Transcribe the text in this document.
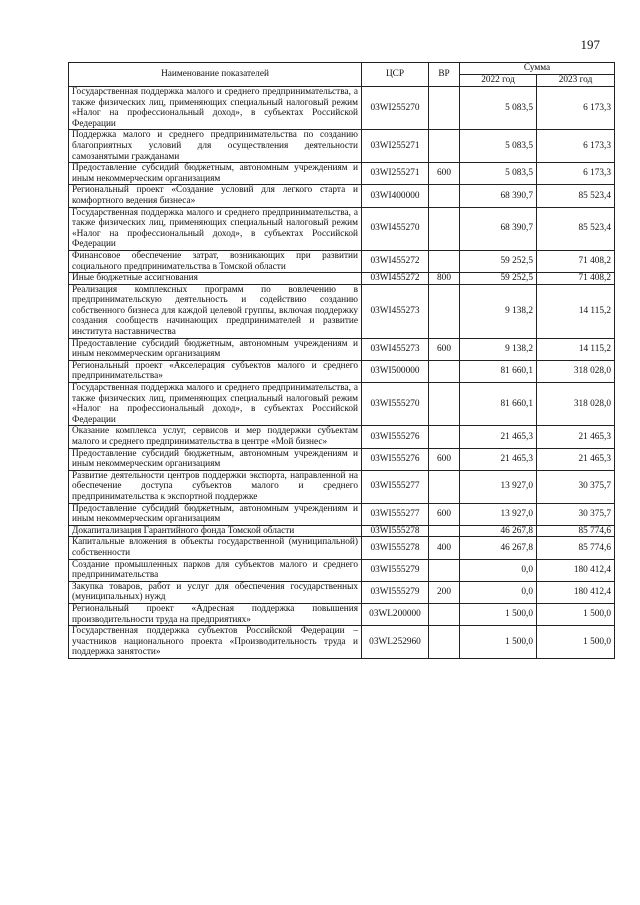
197
Наименование показателей	ЦСР	ВР	Сумма	
			2022 год	2023 год
Государственная поддержка малого и среднего предпринимательства, а также физических лиц, применяющих специальный налоговый режим «Налог на профессиональный доход», в субъектах Российской Федерации	03WI255270		5 083,5	6 173,3
Поддержка малого и среднего предпринимательства по созданию благоприятных условий для осуществления деятельности самозанятыми гражданами	03WI255271		5 083,5	6 173,3
Предоставление субсидий бюджетным, автономным учреждениям и иным некоммерческим организациям	03WI255271	600	5 083,5	6 173,3
Региональный проект «Создание условий для легкого старта и комфортного ведения бизнеса»	03WI400000		68 390,7	85 523,4
Государственная поддержка малого и среднего предпринимательства, а также физических лиц, применяющих специальный налоговый режим «Налог на профессиональный доход», в субъектах Российской Федерации	03WI455270		68 390,7	85 523,4
Финансовое обеспечение затрат, возникающих при развитии социального предпринимательства в Томской области	03WI455272		59 252,5	71 408,2
Иные бюджетные ассигнования	03WI455272	800	59 252,5	71 408,2
Реализация комплексных программ по вовлечению в предпринимательскую деятельность и содействию созданию собственного бизнеса для каждой целевой группы, включая поддержку создания сообществ начинающих предпринимателей и развитие института наставничества	03WI455273		9 138,2	14 115,2
Предоставление субсидий бюджетным, автономным учреждениям и иным некоммерческим организациям	03WI455273	600	9 138,2	14 115,2
Региональный проект «Акселерация субъектов малого и среднего предпринимательства»	03WI500000		81 660,1	318 028,0
Государственная поддержка малого и среднего предпринимательства, а также физических лиц, применяющих специальный налоговый режим «Налог на профессиональный доход», в субъектах Российской Федерации	03WI555270		81 660,1	318 028,0
Оказание комплекса услуг, сервисов и мер поддержки субъектам малого и среднего предпринимательства в центре «Мой бизнес»	03WI555276		21 465,3	21 465,3
Предоставление субсидий бюджетным, автономным учреждениям и иным некоммерческим организациям	03WI555276	600	21 465,3	21 465,3
Развитие деятельности центров поддержки экспорта, направленной на обеспечение доступа субъектов малого и среднего предпринимательства к экспортной поддержке	03WI555277		13 927,0	30 375,7
Предоставление субсидий бюджетным, автономным учреждениям и иным некоммерческим организациям	03WI555277	600	13 927,0	30 375,7
Докапитализация Гарантийного фонда Томской области	03WI555278		46 267,8	85 774,6
Капитальные вложения в объекты государственной (муниципальной) собственности	03WI555278	400	46 267,8	85 774,6
Создание промышленных парков для субъектов малого и среднего предпринимательства	03WI555279		0,0	180 412,4
Закупка товаров, работ и услуг для обеспечения государственных (муниципальных) нужд	03WI555279	200	0,0	180 412,4
Региональный проект «Адресная поддержка повышения производительности труда на предприятиях»	03WL200000		1 500,0	1 500,0
Государственная поддержка субъектов Российской Федерации – участников национального проекта «Производительность труда и поддержка занятости»	03WL252960		1 500,0	1 500,0
